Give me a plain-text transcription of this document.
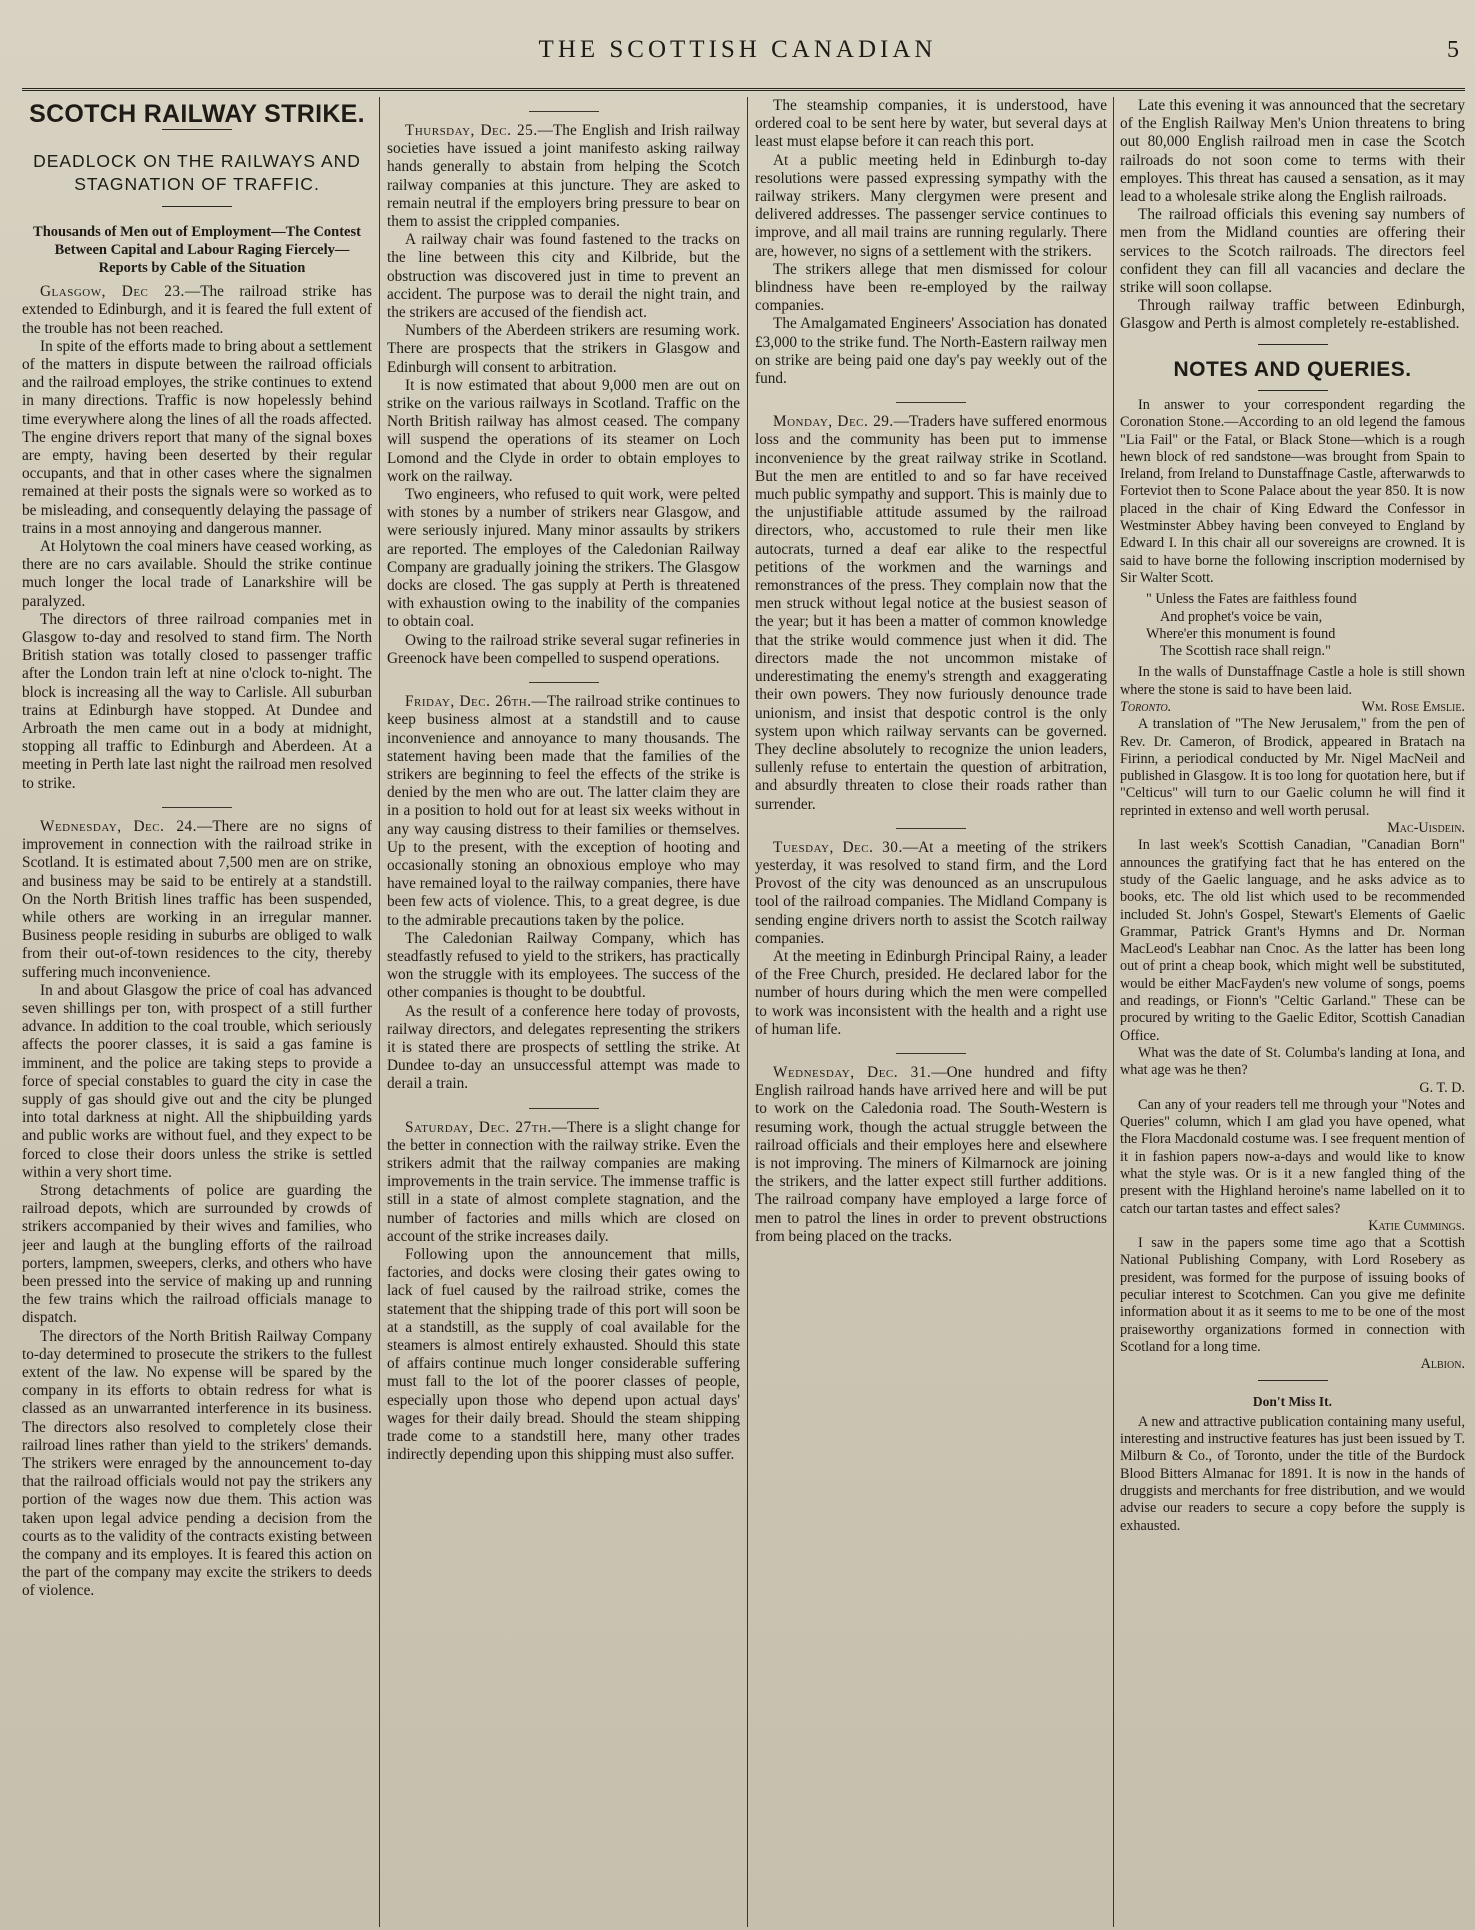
THE SCOTTISH CANADIAN	5
SCOTCH RAILWAY STRIKE.
DEADLOCK ON THE RAILWAYS AND STAGNATION OF TRAFFIC.
Thousands of Men out of Employment—The Contest Between Capital and Labour Raging Fiercely—Reports by Cable of the Situation

Glasgow, Dec 23.—The railroad strike has extended to Edinburgh, and it is feared the full extent of the trouble has not been reached.

In spite of the efforts made to bring about a settlement of the matters in dispute between the railroad officials and the railroad employes, the strike continues to extend in many directions. Traffic is now hopelessly behind time everywhere along the lines of all the roads affected. The engine drivers report that many of the signal boxes are empty, having been deserted by their regular occupants, and that in other cases where the signalmen remained at their posts the signals were so worked as to be misleading, and consequently delaying the passage of trains in a most annoying and dangerous manner.

At Holytown the coal miners have ceased working, as there are no cars available. Should the strike continue much longer the local trade of Lanarkshire will be paralyzed.

The directors of three railroad companies met in Glasgow to-day and resolved to stand firm. The North British station was totally closed to passenger traffic after the London train left at nine o'clock to-night. The block is increasing all the way to Carlisle. All suburban trains at Edinburgh have stopped. At Dundee and Arbroath the men came out in a body at midnight, stopping all traffic to Edinburgh and Aberdeen. At a meeting in Perth late last night the railroad men resolved to strike.

Wednesday, Dec. 24.—There are no signs of improvement in connection with the railroad strike in Scotland. It is estimated about 7,500 men are on strike, and business may be said to be entirely at a standstill. On the North British lines traffic has been suspended, while others are working in an irregular manner. Business people residing in suburbs are obliged to walk from their out-of-town residences to the city, thereby suffering much inconvenience.

In and about Glasgow the price of coal has advanced seven shillings per ton, with prospect of a still further advance. In addition to the coal trouble, which seriously affects the poorer classes, it is said a gas famine is imminent, and the police are taking steps to provide a force of special constables to guard the city in case the supply of gas should give out and the city be plunged into total darkness at night. All the shipbuilding yards and public works are without fuel, and they expect to be forced to close their doors unless the strike is settled within a very short time.

Strong detachments of police are guarding the railroad depots, which are surrounded by crowds of strikers accompanied by their wives and families, who jeer and laugh at the bungling efforts of the railroad porters, lampmen, sweepers, clerks, and others who have been pressed into the service of making up and running the few trains which the railroad officials manage to dispatch.

The directors of the North British Railway Company to-day determined to prosecute the strikers to the fullest extent of the law. No expense will be spared by the company in its efforts to obtain redress for what is classed as an unwarranted interference in its business. The directors also resolved to completely close their railroad lines rather than yield to the strikers' demands. The strikers were enraged by the announcement to-day that the railroad officials would not pay the strikers any portion of the wages now due them. This action was taken upon legal advice pending a decision from the courts as to the validity of the contracts existing between the company and its employes. It is feared this action on the part of the company may excite the strikers to deeds of violence.

Thursday, Dec. 25.—The English and Irish railway societies have issued a joint manifesto asking railway hands generally to abstain from helping the Scotch railway companies at this juncture. They are asked to remain neutral if the employers bring pressure to bear on them to assist the crippled companies.

A railway chair was found fastened to the tracks on the line between this city and Kilbride, but the obstruction was discovered just in time to prevent an accident. The purpose was to derail the night train, and the strikers are accused of the fiendish act.

Numbers of the Aberdeen strikers are resuming work. There are prospects that the strikers in Glasgow and Edinburgh will consent to arbitration.

It is now estimated that about 9,000 men are out on strike on the various railways in Scotland. Traffic on the North British railway has almost ceased. The company will suspend the operations of its steamer on Loch Lomond and the Clyde in order to obtain employes to work on the railway.

Two engineers, who refused to quit work, were pelted with stones by a number of strikers near Glasgow, and were seriously injured. Many minor assaults by strikers are reported. The employes of the Caledonian Railway Company are gradually joining the strikers. The Glasgow docks are closed. The gas supply at Perth is threatened with exhaustion owing to the inability of the companies to obtain coal.

Owing to the railroad strike several sugar refineries in Greenock have been compelled to suspend operations.

Friday, Dec. 26th.—The railroad strike continues to keep business almost at a standstill and to cause inconvenience and annoyance to many thousands. The statement having been made that the families of the strikers are beginning to feel the effects of the strike is denied by the men who are out. The latter claim they are in a position to hold out for at least six weeks without in any way causing distress to their families or themselves. Up to the present, with the exception of hooting and occasionally stoning an obnoxious employe who may have remained loyal to the railway companies, there have been few acts of violence. This, to a great degree, is due to the admirable precautions taken by the police.

The Caledonian Railway Company, which has steadfastly refused to yield to the strikers, has practically won the struggle with its employees. The success of the other companies is thought to be doubtful.

As the result of a conference here today of provosts, railway directors, and delegates representing the strikers it is stated there are prospects of settling the strike. At Dundee to-day an unsuccessful attempt was made to derail a train.

Saturday, Dec. 27th.—There is a slight change for the better in connection with the railway strike. Even the strikers admit that the railway companies are making improvements in the train service. The immense traffic is still in a state of almost complete stagnation, and the number of factories and mills which are closed on account of the strike increases daily.

Following upon the announcement that mills, factories, and docks were closing their gates owing to lack of fuel caused by the railroad strike, comes the statement that the shipping trade of this port will soon be at a standstill, as the supply of coal available for the steamers is almost entirely exhausted. Should this state of affairs continue much longer considerable suffering must fall to the lot of the poorer classes of people, especially upon those who depend upon actual days' wages for their daily bread. Should the steam shipping trade come to a standstill here, many other trades indirectly depending upon this shipping must also suffer.

The steamship companies, it is understood, have ordered coal to be sent here by water, but several days at least must elapse before it can reach this port.

At a public meeting held in Edinburgh to-day resolutions were passed expressing sympathy with the railway strikers. Many clergymen were present and delivered addresses. The passenger service continues to improve, and all mail trains are running regularly. There are, however, no signs of a settlement with the strikers.

The strikers allege that men dismissed for colour blindness have been re-employed by the railway companies.

The Amalgamated Engineers' Association has donated £3,000 to the strike fund. The North-Eastern railway men on strike are being paid one day's pay weekly out of the fund.

Monday, Dec. 29.—Traders have suffered enormous loss and the community has been put to immense inconvenience by the great railway strike in Scotland. But the men are entitled to and so far have received much public sympathy and support. This is mainly due to the unjustifiable attitude assumed by the railroad directors, who, accustomed to rule their men like autocrats, turned a deaf ear alike to the respectful petitions of the workmen and the warnings and remonstrances of the press. They complain now that the men struck without legal notice at the busiest season of the year; but it has been a matter of common knowledge that the strike would commence just when it did. The directors made the not uncommon mistake of underestimating the enemy's strength and exaggerating their own powers. They now furiously denounce trade unionism, and insist that despotic control is the only system upon which railway servants can be governed. They decline absolutely to recognize the union leaders, sullenly refuse to entertain the question of arbitration, and absurdly threaten to close their roads rather than surrender.

Tuesday, Dec. 30.—At a meeting of the strikers yesterday, it was resolved to stand firm, and the Lord Provost of the city was denounced as an unscrupulous tool of the railroad companies. The Midland Company is sending engine drivers north to assist the Scotch railway companies.

At the meeting in Edinburgh Principal Rainy, a leader of the Free Church, presided. He declared labor for the number of hours during which the men were compelled to work was inconsistent with the health and a right use of human life.

Wednesday, Dec. 31.—One hundred and fifty English railroad hands have arrived here and will be put to work on the Caledonia road. The South-Western is resuming work, though the actual struggle between the railroad officials and their employes here and elsewhere is not improving. The miners of Kilmarnock are joining the strikers, and the latter expect still further additions. The railroad company have employed a large force of men to patrol the lines in order to prevent obstructions from being placed on the tracks.

Late this evening it was announced that the secretary of the English Railway Men's Union threatens to bring out 80,000 English railroad men in case the Scotch railroads do not soon come to terms with their employes. This threat has caused a sensation, as it may lead to a wholesale strike along the English railroads.

The railroad officials this evening say numbers of men from the Midland counties are offering their services to the Scotch railroads. The directors feel confident they can fill all vacancies and declare the strike will soon collapse.

Through railway traffic between Edinburgh, Glasgow and Perth is almost completely re-established.

NOTES AND QUERIES.

In answer to your correspondent regarding the Coronation Stone.—According to an old legend the famous "Lia Fail" or the Fatal, or Black Stone—which is a rough hewn block of red sandstone—was brought from Spain to Ireland, from Ireland to Dunstaffnage Castle, afterwarwds to Forteviot then to Scone Palace about the year 850. It is now placed in the chair of King Edward the Confessor in Westminster Abbey having been conveyed to England by Edward I. In this chair all our sovereigns are crowned. It is said to have borne the following inscription modernised by Sir Walter Scott.

" Unless the Fates are faithless found
And prophet's voice be vain,
Where'er this monument is found
The Scottish race shall reign."

In the walls of Dunstaffnage Castle a hole is still shown where the stone is said to have been laid.

Toronto.	Wm. Rose Emslie.

A translation of "The New Jerusalem," from the pen of Rev. Dr. Cameron, of Brodick, appeared in Bratach na Firinn, a periodical conducted by Mr. Nigel MacNeil and published in Glasgow. It is too long for quotation here, but if "Celticus" will turn to our Gaelic column he will find it reprinted in extenso and well worth perusal.

Mac-Uisdein.

In last week's Scottish Canadian, "Canadian Born" announces the gratifying fact that he has entered on the study of the Gaelic language, and he asks advice as to books, etc. The old list which used to be recommended included St. John's Gospel, Stewart's Elements of Gaelic Grammar, Patrick Grant's Hymns and Dr. Norman MacLeod's Leabhar nan Cnoc. As the latter has been long out of print a cheap book, which might well be substituted, would be either MacFayden's new volume of songs, poems and readings, or Fionn's "Celtic Garland." These can be procured by writing to the Gaelic Editor, Scottish Canadian Office.

What was the date of St. Columba's landing at Iona, and what age was he then?

G. T. D.

Can any of your readers tell me through your "Notes and Queries" column, which I am glad you have opened, what the Flora Macdonald costume was. I see frequent mention of it in fashion papers now-a-days and would like to know what the style was. Or is it a new fangled thing of the present with the Highland heroine's name labelled on it to catch our tartan tastes and effect sales?

Katie Cummings.

I saw in the papers some time ago that a Scottish National Publishing Company, with Lord Rosebery as president, was formed for the purpose of issuing books of peculiar interest to Scotchmen. Can you give me definite information about it as it seems to me to be one of the most praiseworthy organizations formed in connection with Scotland for a long time.

Albion.
Don't Miss It.

A new and attractive publication containing many useful, interesting and instructive features has just been issued by T. Milburn & Co., of Toronto, under the title of the Burdock Blood Bitters Almanac for 1891. It is now in the hands of druggists and merchants for free distribution, and we would advise our readers to secure a copy before the supply is exhausted.
